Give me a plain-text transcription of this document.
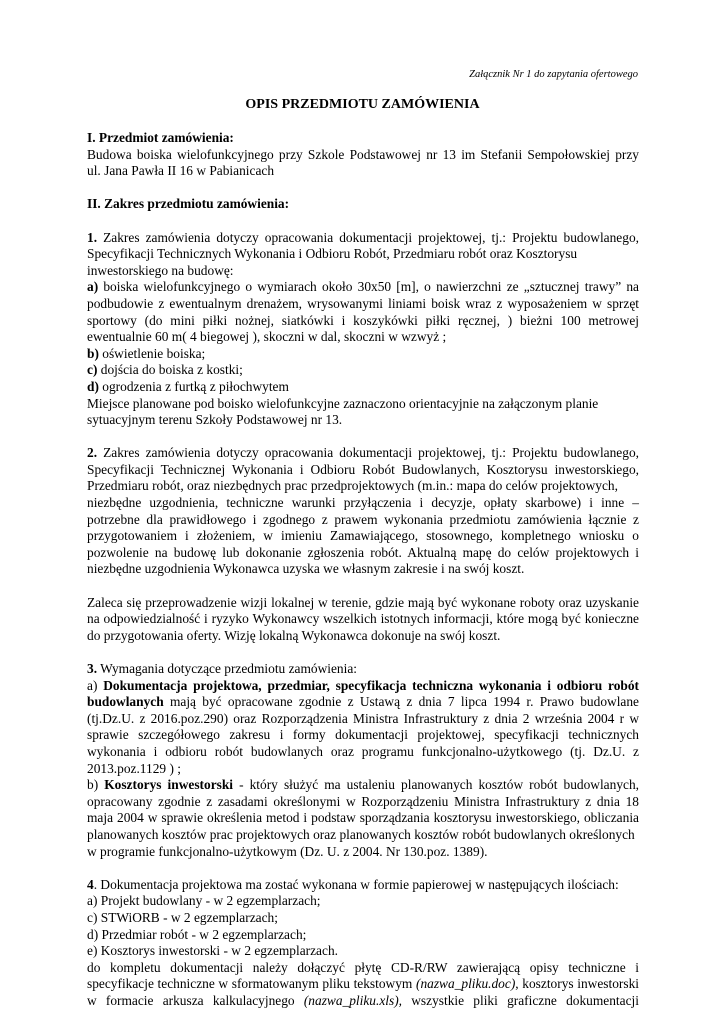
Załącznik Nr 1 do zapytania ofertowego
OPIS PRZEDMIOTU ZAMÓWIENIA
I. Przedmiot zamówienia:
Budowa boiska wielofunkcyjnego przy Szkole Podstawowej nr 13 im Stefanii Sempołowskiej przy
ul. Jana Pawła II 16 w Pabianicach
II. Zakres przedmiotu zamówienia:
1. Zakres zamówienia dotyczy opracowania dokumentacji projektowej, tj.: Projektu budowlanego,
Specyfikacji Technicznych Wykonania i Odbioru Robót, Przedmiaru robót oraz Kosztorysu
inwestorskiego na budowę:
a) boiska wielofunkcyjnego o wymiarach około 30x50 [m], o nawierzchni ze „sztucznej trawy” na
podbudowie z ewentualnym drenażem, wrysowanymi liniami boisk wraz z wyposażeniem w sprzęt
sportowy (do mini piłki nożnej, siatkówki i koszykówki piłki ręcznej, ) bieżni 100 metrowej
ewentualnie 60 m( 4 biegowej ), skoczni w dal, skoczni w wzwyż ;
b) oświetlenie boiska;
c) dojścia do boiska z kostki;
d) ogrodzenia z furtką z piłochwytem
Miejsce planowane pod boisko wielofunkcyjne zaznaczono orientacyjnie na załączonym planie
sytuacyjnym terenu Szkoły Podstawowej nr 13.
2. Zakres zamówienia dotyczy opracowania dokumentacji projektowej, tj.: Projektu budowlanego,
Specyfikacji Technicznej Wykonania i Odbioru Robót Budowlanych, Kosztorysu inwestorskiego,
Przedmiaru robót, oraz niezbędnych prac przedprojektowych (m.in.: mapa do celów projektowych,
niezbędne uzgodnienia, techniczne warunki przyłączenia i decyzje, opłaty skarbowe) i inne –
potrzebne dla prawidłowego i zgodnego z prawem wykonania przedmiotu zamówienia łącznie z
przygotowaniem i złożeniem, w imieniu Zamawiającego, stosownego, kompletnego wniosku o
pozwolenie na budowę lub dokonanie zgłoszenia robót. Aktualną mapę do celów projektowych i
niezbędne uzgodnienia Wykonawca uzyska we własnym zakresie i na swój koszt.
Zaleca się przeprowadzenie wizji lokalnej w terenie, gdzie mają być wykonane roboty oraz uzyskanie
na odpowiedzialność i ryzyko Wykonawcy wszelkich istotnych informacji, które mogą być konieczne
do przygotowania oferty. Wizję lokalną Wykonawca dokonuje na swój koszt.
3. Wymagania dotyczące przedmiotu zamówienia:
a) Dokumentacja projektowa, przedmiar, specyfikacja techniczna wykonania i odbioru robót
budowlanych mają być opracowane zgodnie z Ustawą z dnia 7 lipca 1994 r. Prawo budowlane
(tj.Dz.U. z 2016.poz.290) oraz Rozporządzenia Ministra Infrastruktury z dnia 2 września 2004 r w
sprawie szczegółowego zakresu i formy dokumentacji projektowej, specyfikacji technicznych
wykonania i odbioru robót budowlanych oraz programu funkcjonalno-użytkowego (tj. Dz.U. z
2013.poz.1129 ) ;
b) Kosztorys inwestorski - który służyć ma ustaleniu planowanych kosztów robót budowlanych,
opracowany zgodnie z zasadami określonymi w Rozporządzeniu Ministra Infrastruktury z dnia 18
maja 2004 w sprawie określenia metod i podstaw sporządzania kosztorysu inwestorskiego, obliczania
planowanych kosztów prac projektowych oraz planowanych kosztów robót budowlanych określonych
w programie funkcjonalno-użytkowym (Dz. U. z 2004. Nr 130.poz. 1389).
4. Dokumentacja projektowa ma zostać wykonana w formie papierowej w następujących ilościach:
a) Projekt budowlany - w 2 egzemplarzach;
c) STWiORB - w 2 egzemplarzach;
d) Przedmiar robót - w 2 egzemplarzach;
e) Kosztorys inwestorski - w 2 egzemplarzach.
do kompletu dokumentacji należy dołączyć płytę CD-R/RW zawierającą opisy techniczne i
specyfikacje techniczne w sformatowanym pliku tekstowym (nazwa_pliku.doc), kosztorys inwestorski
w formacie arkusza kalkulacyjnego (nazwa_pliku.xls), wszystkie pliki graficzne dokumentacji
